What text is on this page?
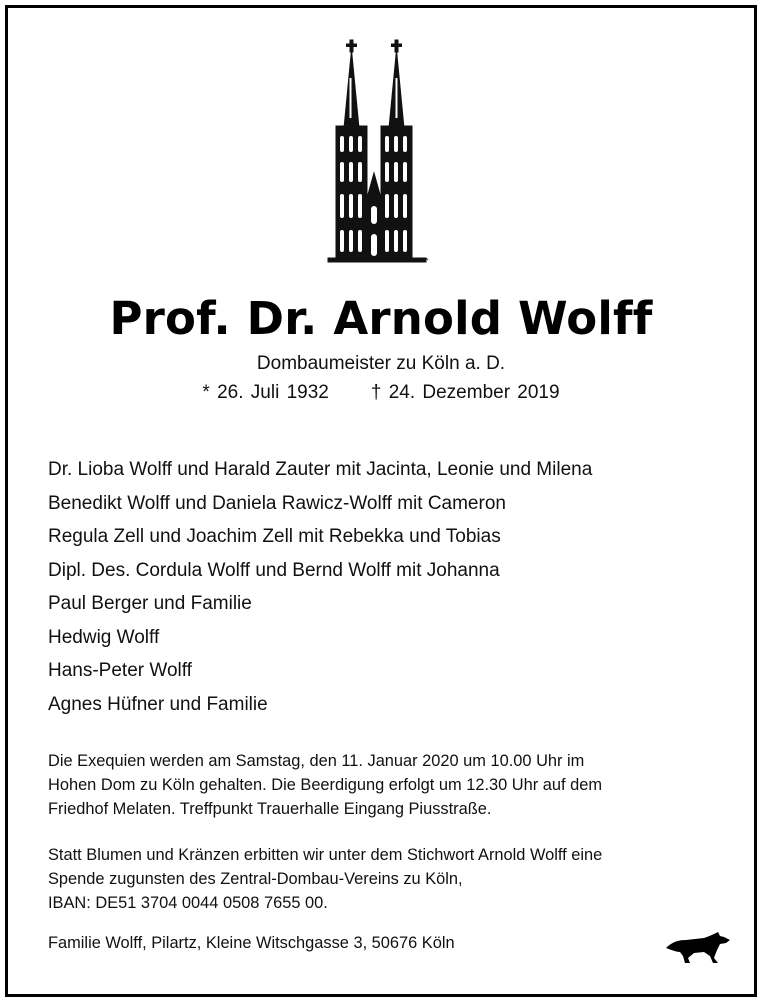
Prof. Dr. Arnold Wolff
Dombaumeister zu Köln a. D.
* 26. Juli 1932 † 24. Dezember 2019
Dr. Lioba Wolff und Harald Zauter mit Jacinta, Leonie und Milena
Benedikt Wolff und Daniela Rawicz-Wolff mit Cameron
Regula Zell und Joachim Zell mit Rebekka und Tobias
Dipl. Des. Cordula Wolff und Bernd Wolff mit Johanna
Paul Berger und Familie
Hedwig Wolff
Hans-Peter Wolff
Agnes Hüfner und Familie

Die Exequien werden am Samstag, den 11. Januar 2020 um 10.00 Uhr im
Hohen Dom zu Köln gehalten. Die Beerdigung erfolgt um 12.30 Uhr auf dem
Friedhof Melaten. Treffpunkt Trauerhalle Eingang Piusstraße.

Statt Blumen und Kränzen erbitten wir unter dem Stichwort Arnold Wolff eine
Spende zugunsten des Zentral-Dombau-Vereins zu Köln,
IBAN: DE51 3704 0044 0508 7655 00.

Familie Wolff, Pilartz, Kleine Witschgasse 3, 50676 Köln
